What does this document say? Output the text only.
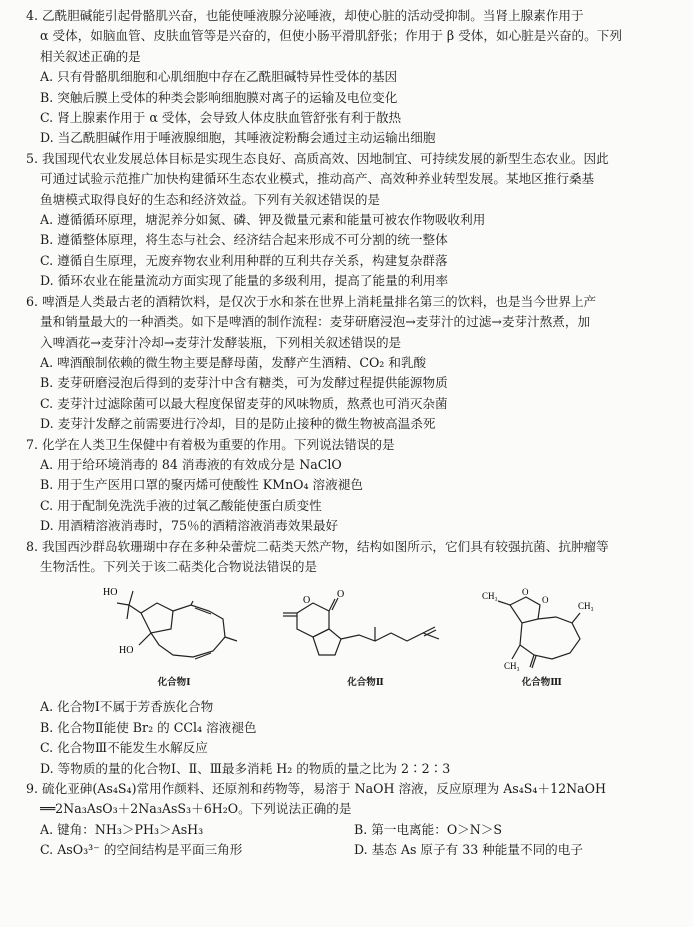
4. 乙酰胆碱能引起骨骼肌兴奋，也能使唾液腺分泌唾液，却使心脏的活动受抑制。当肾上腺素作用于
α 受体，如脑血管、皮肤血管等是兴奋的，但使小肠平滑肌舒张；作用于 β 受体，如心脏是兴奋的。下列
相关叙述正确的是
A. 只有骨骼肌细胞和心肌细胞中存在乙酰胆碱特异性受体的基因
B. 突触后膜上受体的种类会影响细胞膜对离子的运输及电位变化
C. 肾上腺素作用于 α 受体，会导致人体皮肤血管舒张有利于散热
D. 当乙酰胆碱作用于唾液腺细胞，其唾液淀粉酶会通过主动运输出细胞
5. 我国现代农业发展总体目标是实现生态良好、高质高效、因地制宜、可持续发展的新型生态农业。因此
可通过试验示范推广加快构建循环生态农业模式，推动高产、高效种养业转型发展。某地区推行桑基
鱼塘模式取得良好的生态和经济效益。下列有关叙述错误的是
A. 遵循循环原理，塘泥养分如氮、磷、钾及微量元素和能量可被农作物吸收利用
B. 遵循整体原理，将生态与社会、经济结合起来形成不可分割的统一整体
C. 遵循自生原理，无废弃物农业利用种群的互利共存关系，构建复杂群落
D. 循环农业在能量流动方面实现了能量的多级利用，提高了能量的利用率
6. 啤酒是人类最古老的酒精饮料，是仅次于水和茶在世界上消耗量排名第三的饮料，也是当今世界上产
量和销量最大的一种酒类。如下是啤酒的制作流程：麦芽研磨浸泡→麦芽汁的过滤→麦芽汁熬煮，加
入啤酒花→麦芽汁冷却→麦芽汁发酵装瓶，下列相关叙述错误的是
A. 啤酒酿制依赖的微生物主要是酵母菌，发酵产生酒精、CO₂ 和乳酸
B. 麦芽研磨浸泡后得到的麦芽汁中含有糖类，可为发酵过程提供能源物质
C. 麦芽汁过滤除菌可以最大程度保留麦芽的风味物质，熬煮也可消灭杂菌
D. 麦芽汁发酵之前需要进行冷却，目的是防止接种的微生物被高温杀死
7. 化学在人类卫生保健中有着极为重要的作用。下列说法错误的是
A. 用于给环境消毒的 84 消毒液的有效成分是 NaClO
B. 用于生产医用口罩的聚丙烯可使酸性 KMnO₄ 溶液褪色
C. 用于配制免洗洗手液的过氧乙酸能使蛋白质变性
D. 用酒精溶液消毒时，75％的酒精溶液消毒效果最好
8. 我国西沙群岛软珊瑚中存在多种朵蕾烷二萜类天然产物，结构如图所示，它们具有较强抗菌、抗肿瘤等
生物活性。下列关于该二萜类化合物说法错误的是
HO
HO
化合物Ⅰ
O
O
化合物Ⅱ
CH₃	O
O
CH₃
CH₃
化合物Ⅲ
A. 化合物Ⅰ不属于芳香族化合物
B. 化合物Ⅱ能使 Br₂ 的 CCl₄ 溶液褪色
C. 化合物Ⅲ不能发生水解反应
D. 等物质的量的化合物Ⅰ、Ⅱ、Ⅲ最多消耗 H₂ 的物质的量之比为 2∶2∶3
9. 硫化亚砷(As₄S₄)常用作颜料、还原剂和药物等，易溶于 NaOH 溶液，反应原理为 As₄S₄＋12NaOH
══2Na₃AsO₃＋2Na₃AsS₃＋6H₂O。下列说法正确的是
A. 键角：NH₃＞PH₃＞AsH₃	B. 第一电离能：O＞N＞S
C. AsO₃³⁻ 的空间结构是平面三角形	D. 基态 As 原子有 33 种能量不同的电子
